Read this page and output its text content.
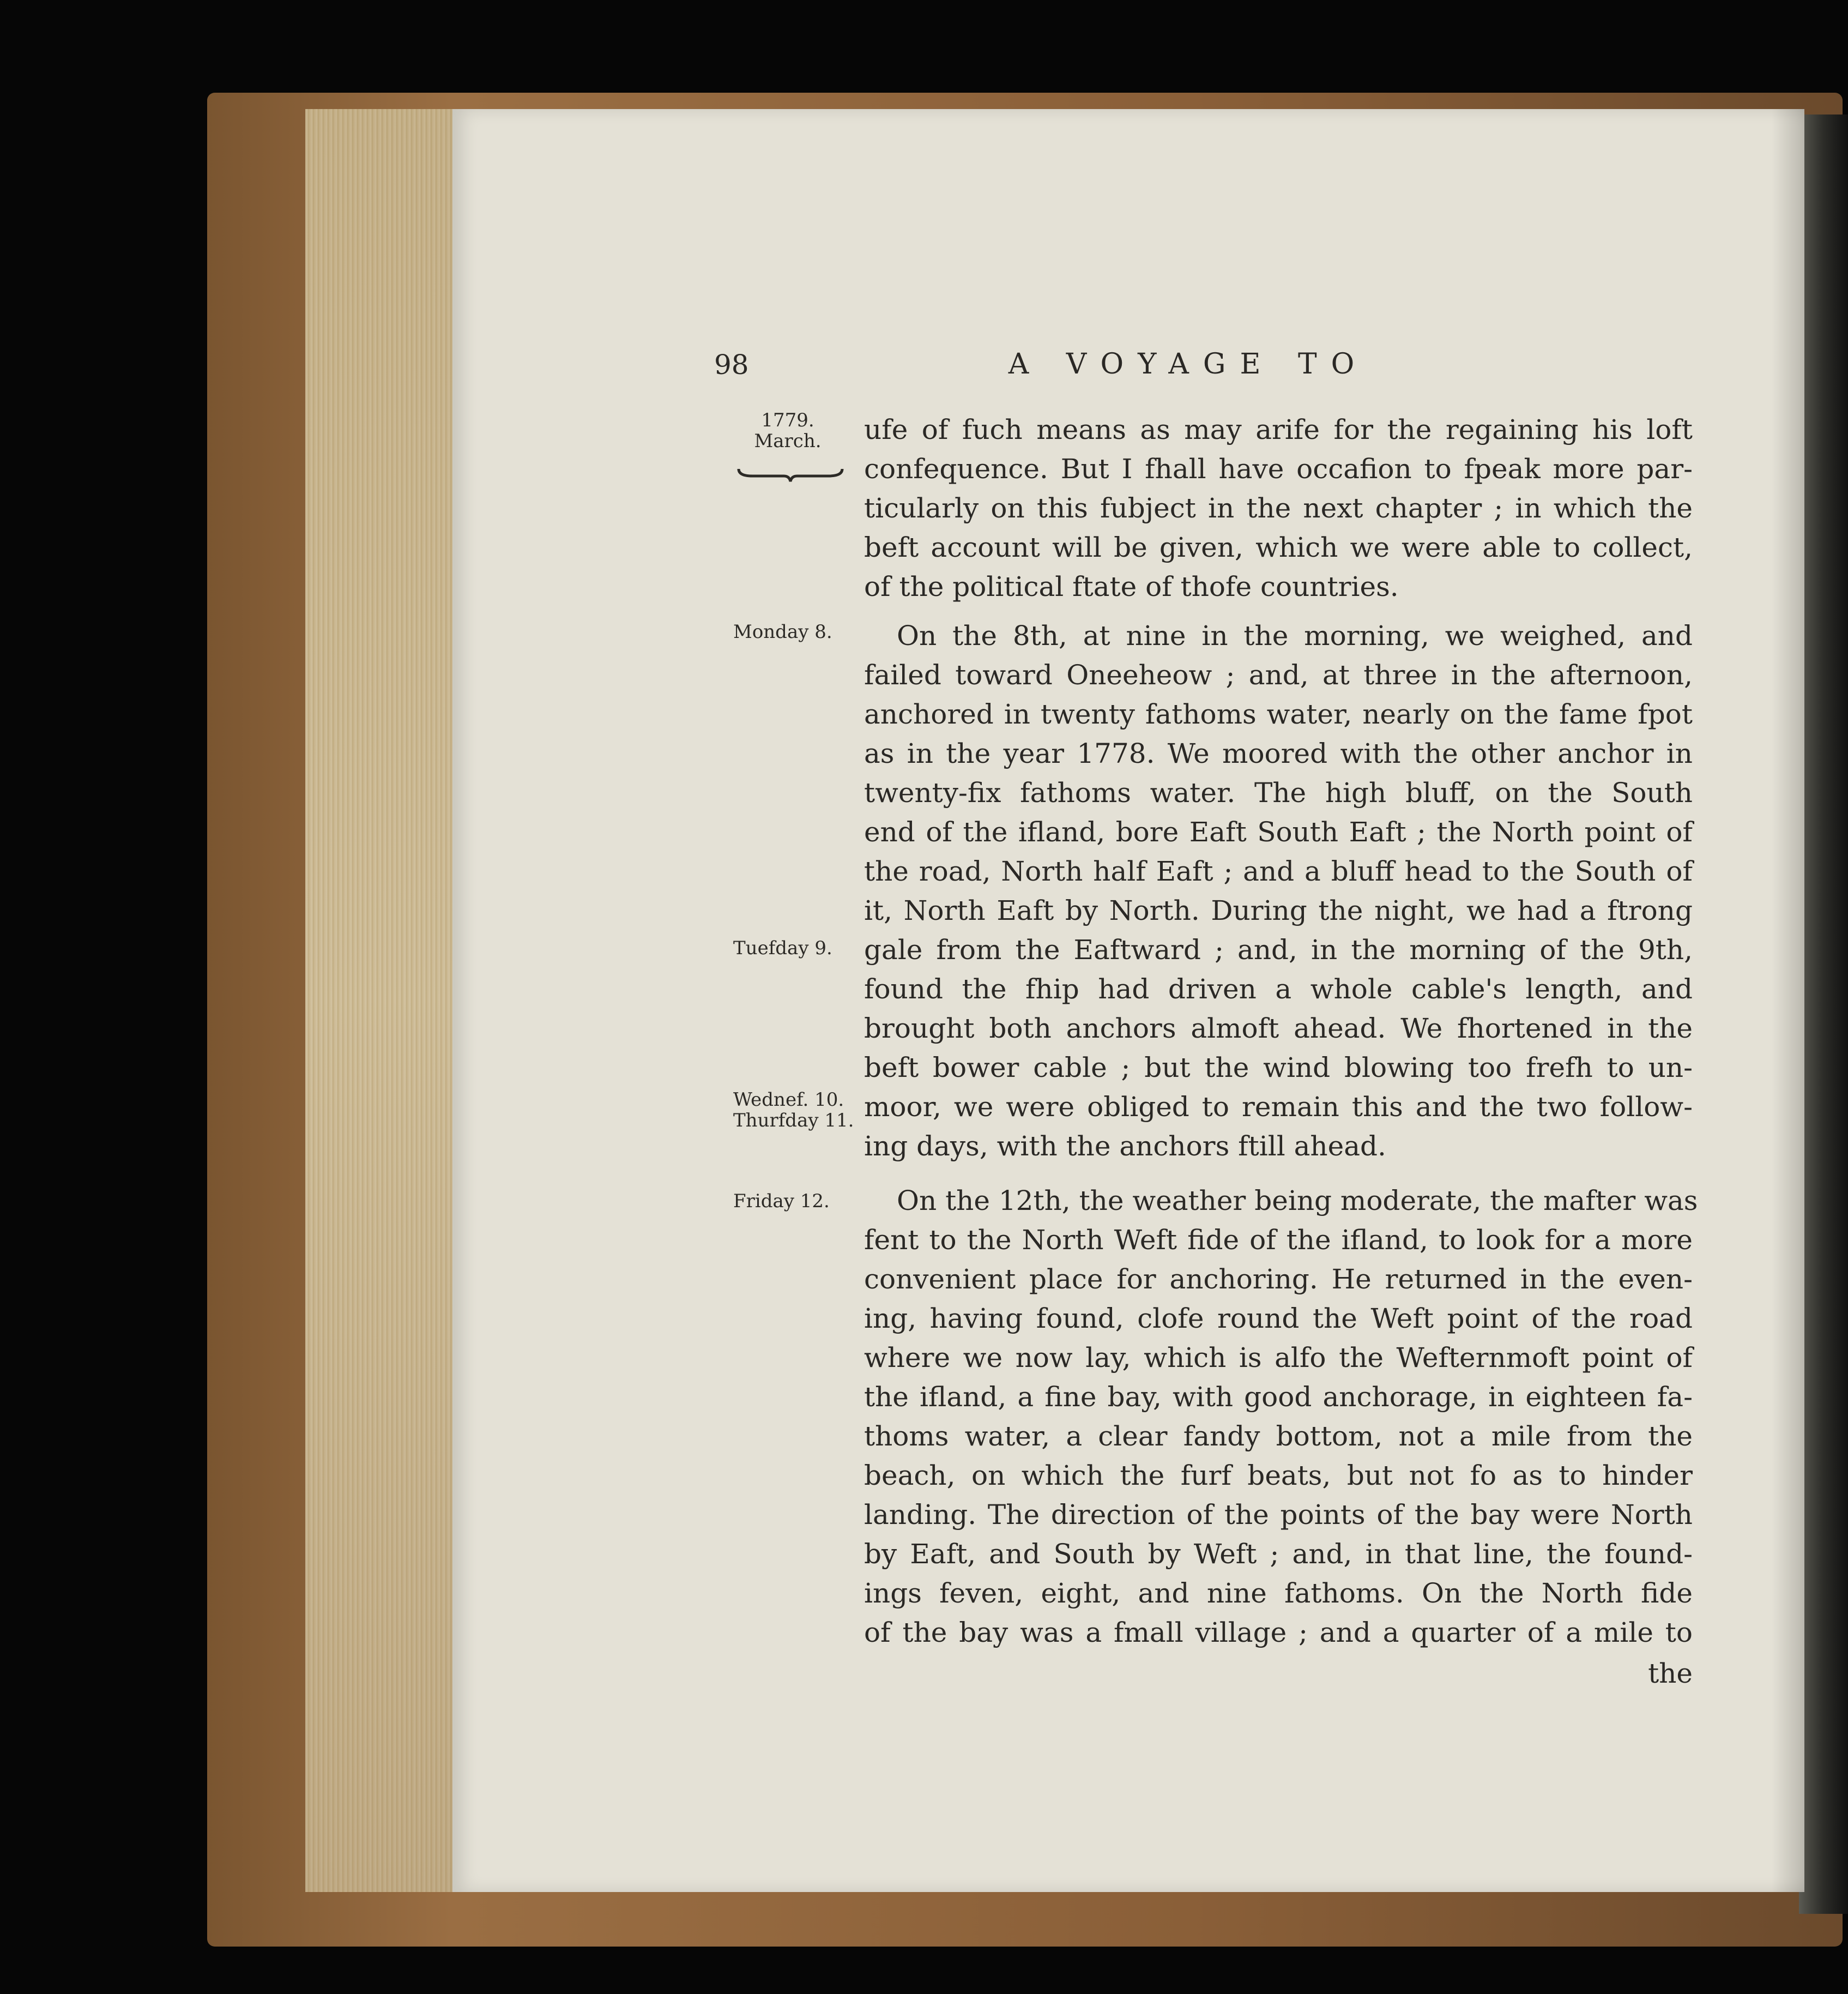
98	A VOYAGE TO
1779.
March.
Monday 8.
Tuefday 9.
Wednef. 10.
Thurfday 11.
Friday 12.
ufe of fuch means as may arife for the regaining his loft
confequence. But I fhall have occafion to fpeak more par-
ticularly on this fubject in the next chapter ; in which the
beft account will be given, which we were able to collect,
of the political ftate of thofe countries.
On the 8th, at nine in the morning, we weighed, and
failed toward Oneeheow ; and, at three in the afternoon,
anchored in twenty fathoms water, nearly on the fame fpot
as in the year 1778. We moored with the other anchor in
twenty-fix fathoms water. The high bluff, on the South
end of the ifland, bore Eaft South Eaft ; the North point of
the road, North half Eaft ; and a bluff head to the South of
it, North Eaft by North. During the night, we had a ftrong
gale from the Eaftward ; and, in the morning of the 9th,
found the fhip had driven a whole cable's length, and
brought both anchors almoft ahead. We fhortened in the
beft bower cable ; but the wind blowing too frefh to un-
moor, we were obliged to remain this and the two follow-
ing days, with the anchors ftill ahead.
On the 12th, the weather being moderate, the mafter was
fent to the North Weft fide of the ifland, to look for a more
convenient place for anchoring. He returned in the even-
ing, having found, clofe round the Weft point of the road
where we now lay, which is alfo the Wefternmoft point of
the ifland, a fine bay, with good anchorage, in eighteen fa-
thoms water, a clear fandy bottom, not a mile from the
beach, on which the furf beats, but not fo as to hinder
landing. The direction of the points of the bay were North
by Eaft, and South by Weft ; and, in that line, the found-
ings feven, eight, and nine fathoms. On the North fide
of the bay was a fmall village ; and a quarter of a mile to
the
